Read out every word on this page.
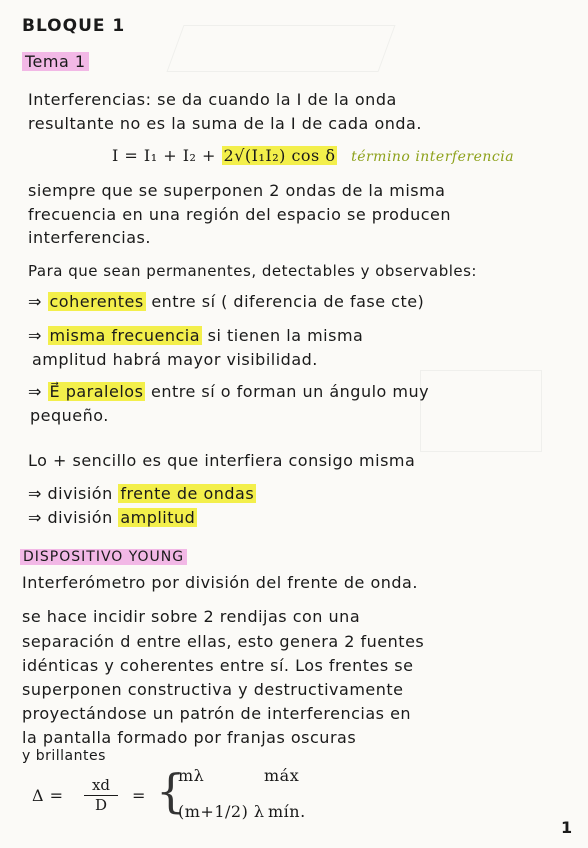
BLOQUE 1
Tema 1
Interferencias: se da cuando la I de la onda
resultante no es la suma de la I de cada onda.
I = I₁ + I₂ + 2√(I₁I₂) cos δ término interferencia
siempre que se superponen 2 ondas de la misma
frecuencia en una región del espacio se producen
interferencias.
Para que sean permanentes, detectables y observables:
⇒ coherentes entre sí ( diferencia de fase cte)
⇒ misma frecuencia si tienen la misma
amplitud habrá mayor visibilidad.
⇒ E⃗ paralelos entre sí o forman un ángulo muy
pequeño.
Lo + sencillo es que interfiera consigo misma
⇒ división frente de ondas
⇒ división amplitud
DISPOSITIVO YOUNG
Interferómetro por división del frente de onda.
se hace incidir sobre 2 rendijas con una
separación d entre ellas, esto genera 2 fuentes
idénticas y coherentes entre sí. Los frentes se
superponen constructiva y destructivamente
proyectándose un patrón de interferencias en
la pantalla formado por franjas oscuras
y brillantes
$\Delta = \frac{xd}{D}$ = {
mλ	máx
(m+1/2) λ mín.
1
